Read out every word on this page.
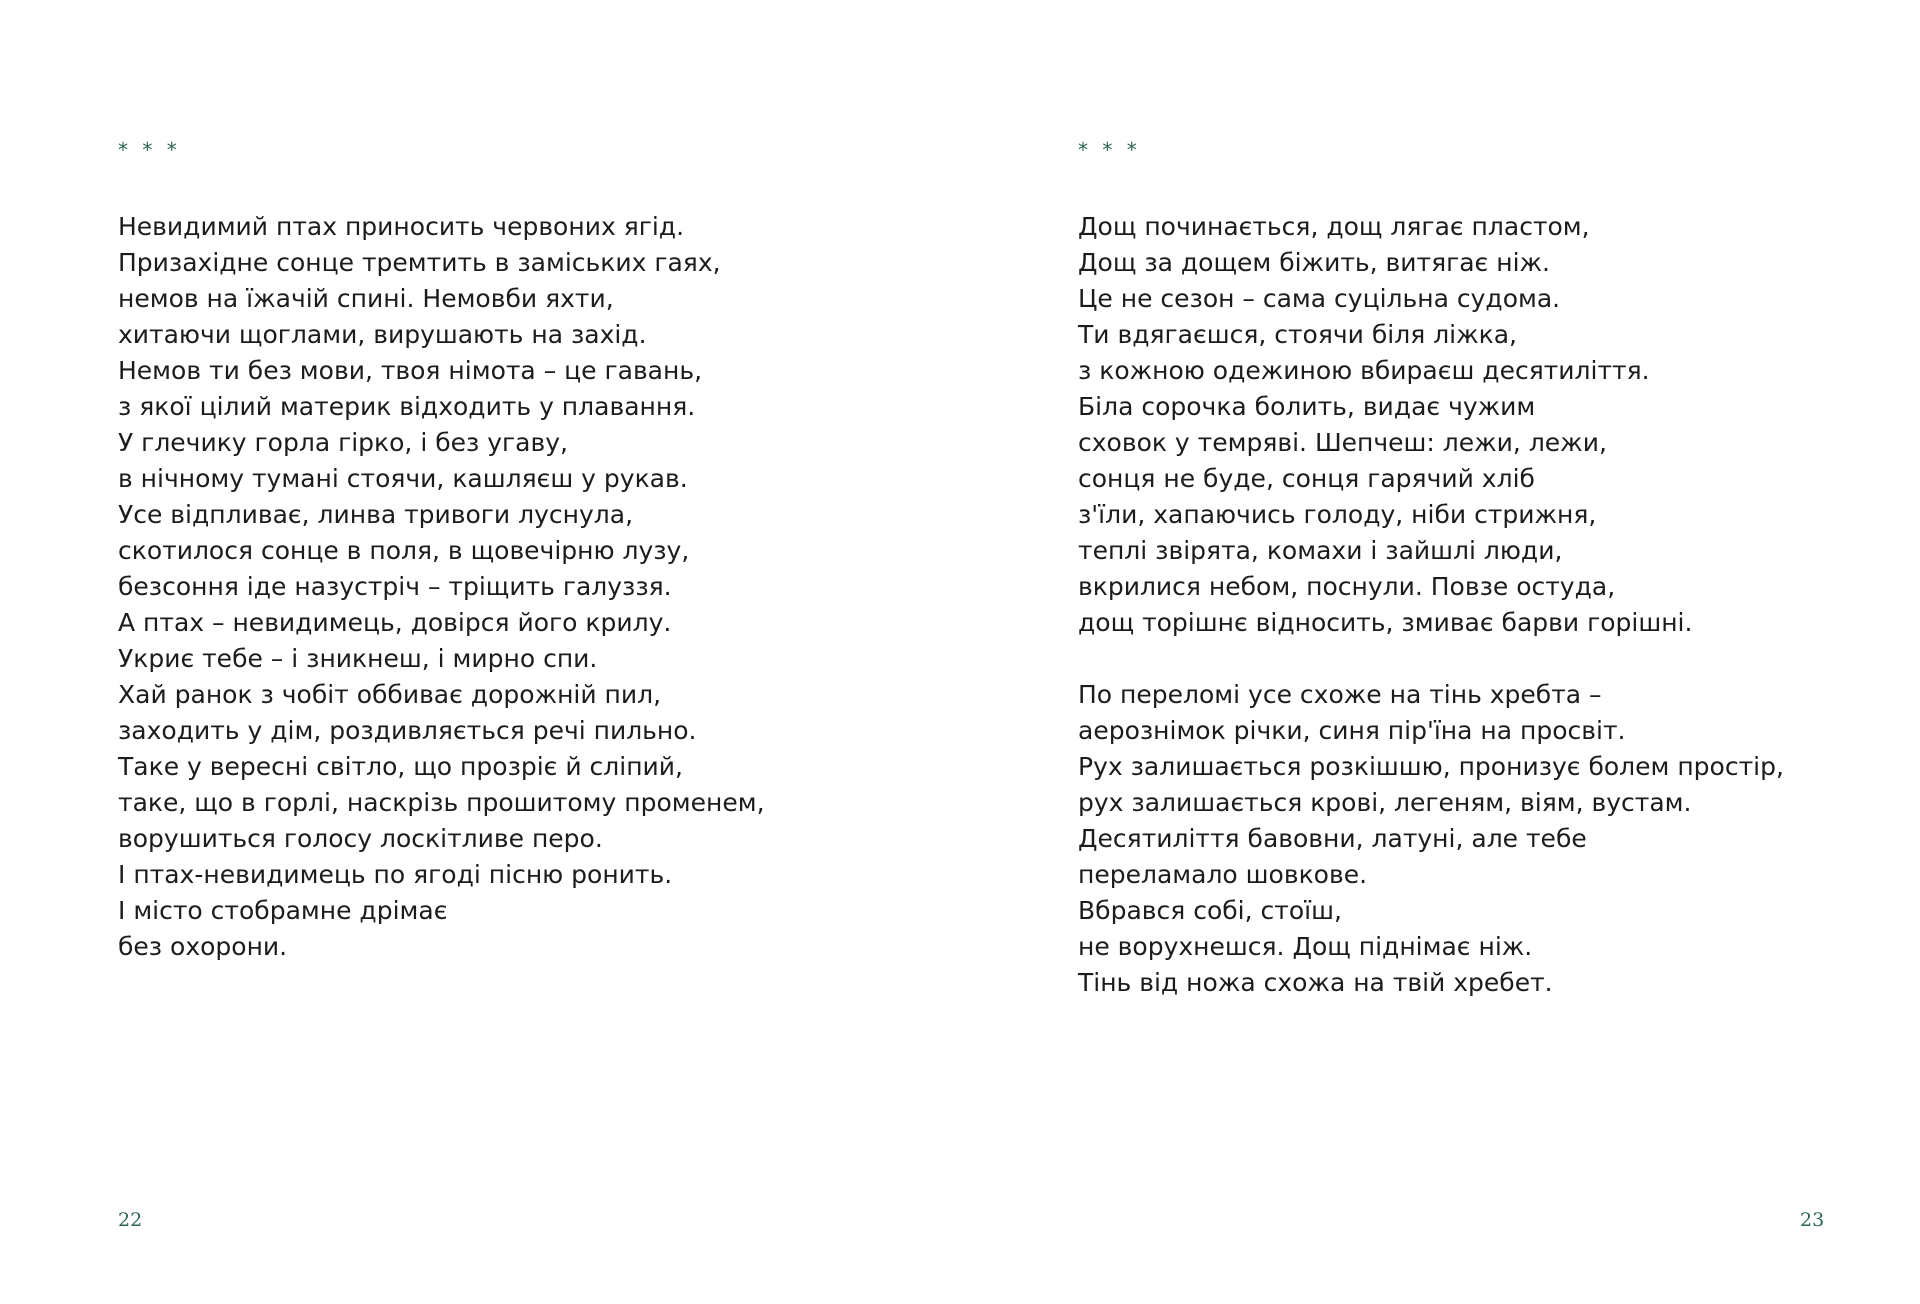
* * *
Невидимий птах приносить червоних ягід.
Призахідне сонце тремтить в заміських гаях,
немов на їжачій спині. Немовби яхти,
хитаючи щоглами, вирушають на захід.
Немов ти без мови, твоя німота – це гавань,
з якої цілий материк відходить у плавання.
У глечику горла гірко, і без угаву,
в нічному тумані стоячи, кашляєш у рукав.
Усе відпливає, линва тривоги луснула,
скотилося сонце в поля, в щовечірню лузу,
безсоння іде назустріч – тріщить галуззя.
А птах – невидимець, довірся його крилу.
Укриє тебе – і зникнеш, і мирно спи.
Хай ранок з чобіт оббиває дорожній пил,
заходить у дім, роздивляється речі пильно.
Таке у вересні світло, що прозріє й сліпий,
таке, що в горлі, наскрізь прошитому променем,
ворушиться голосу лоскітливе перо.
І птах-невидимець по ягоді пісню ронить.
І місто стобрамне дрімає
без охорони.
22
* * *
Дощ починається, дощ лягає пластом,
Дощ за дощем біжить, витягає ніж.
Це не сезон – сама суцільна судома.
Ти вдягаєшся, стоячи біля ліжка,
з кожною одежиною вбираєш десятиліття.
Біла сорочка болить, видає чужим
сховок у темряві. Шепчеш: лежи, лежи,
сонця не буде, сонця гарячий хліб
з'їли, хапаючись голоду, ніби стрижня,
теплі звірята, комахи і зайшлі люди,
вкрилися небом, поснули. Повзе остуда,
дощ торішнє відносить, змиває барви горішні.
По переломі усе схоже на тінь хребта –
аерознімок річки, синя пір'їна на просвіт.
Рух залишається розкішшю, пронизує болем простір,
рух залишається крові, легеням, віям, вустам.
Десятиліття бавовни, латуні, але тебе
переламало шовкове.
Вбрався собі, стоїш,
не ворухнешся. Дощ піднімає ніж.
Тінь від ножа схожа на твій хребет.
23
